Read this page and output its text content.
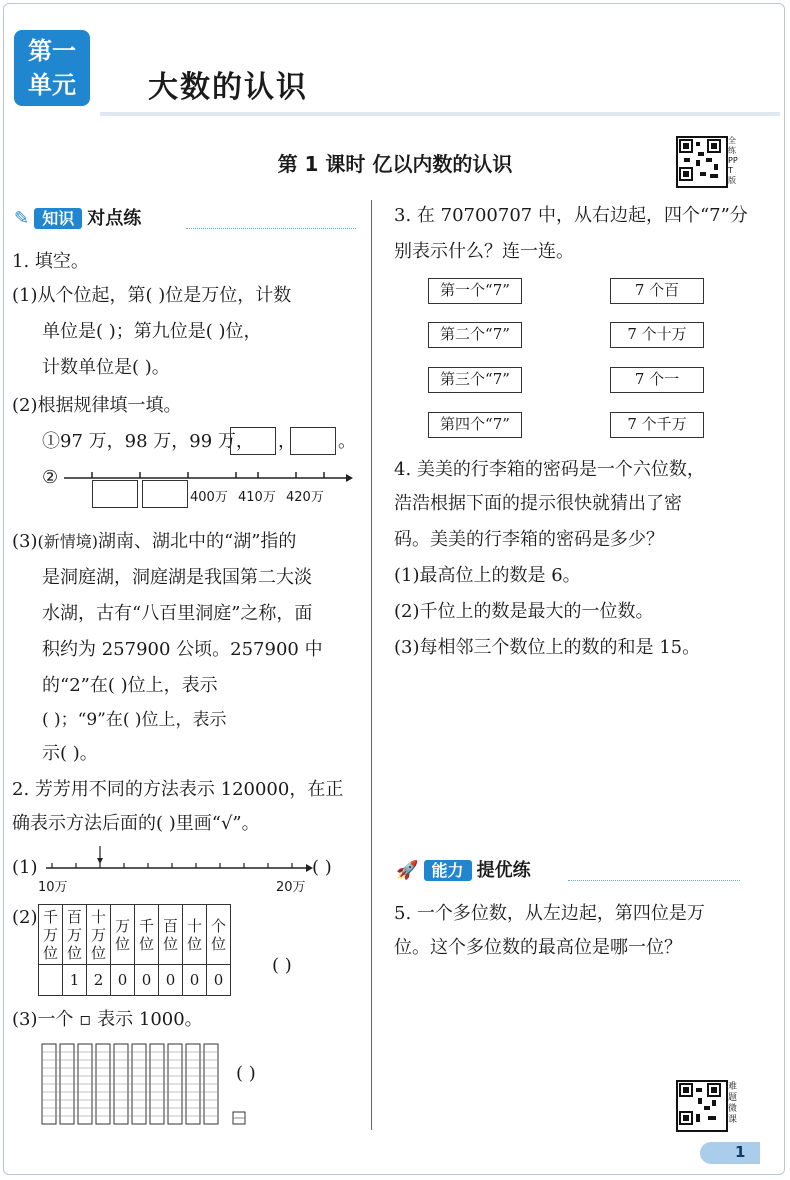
第一
单元	大数的认识
第 1 课时 亿以内数的认识
全练PPT版
✎ 知识 对点练
1. 填空。
(1)从个位起，第( )位是万位，计数
单位是( )；第九位是( )位，
计数单位是( )。
(2)根据规律填一填。
①97 万，98 万，99 万， ， 。
②
400万 410万 420万
(3)(新情境)湖南、湖北中的“湖”指的
是洞庭湖，洞庭湖是我国第二大淡
水湖，古有“八百里洞庭”之称，面
积约为 257900 公顷。257900 中
的“2”在( )位上，表示
( )；“9”在( )位上，表示
示( )。
2. 芳芳用不同的方法表示 120000，在正
确表示方法后面的( )里画“√”。
(1)
10万	20万
( )
(2) 千万位	百万位	十万位	万位	千位	百位	十位	个位
	1	2	0	0	0	0	0
( )
(3)一个 ▫ 表示 1000。
( )
3. 在 70700707 中，从右边起，四个“7”分
别表示什么？连一连。
第一个“7”
第二个“7”
第三个“7”
第四个“7”
7 个百
7 个十万
7 个一
7 个千万
4. 美美的行李箱的密码是一个六位数，
浩浩根据下面的提示很快就猜出了密
码。美美的行李箱的密码是多少？
(1)最高位上的数是 6。
(2)千位上的数是最大的一位数。
(3)每相邻三个数位上的数的和是 15。
🚀 能力 提优练
5. 一个多位数，从左边起，第四位是万
位。这个多位数的最高位是哪一位？
难题微课
1
